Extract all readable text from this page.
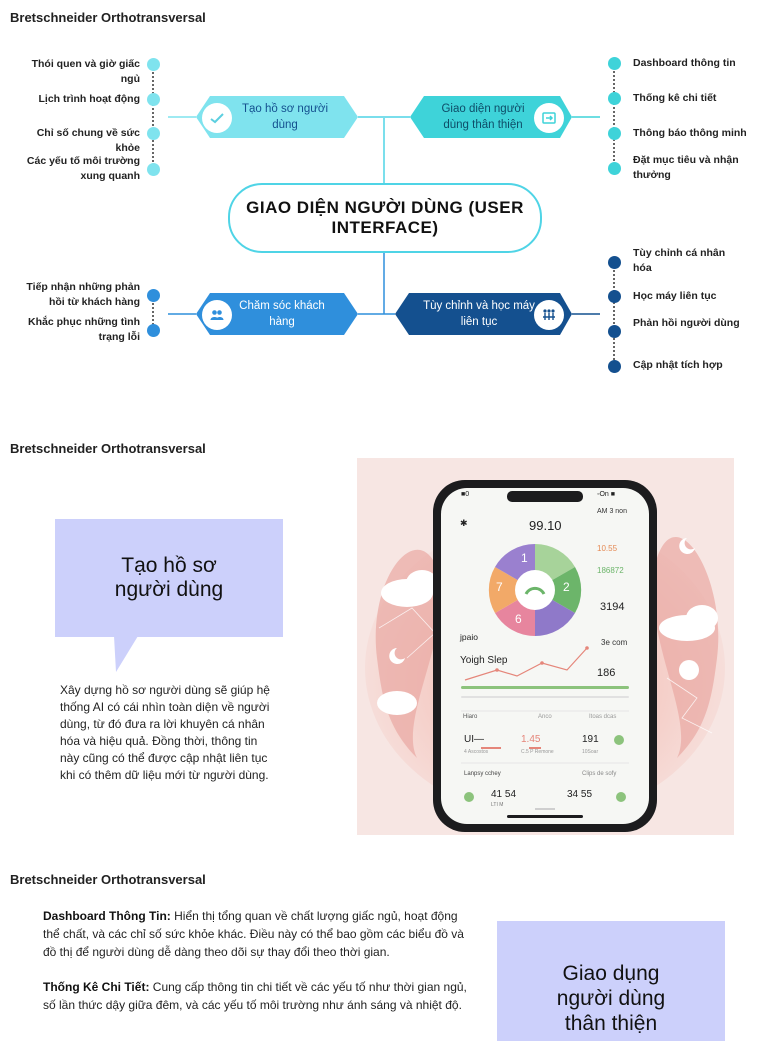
Bretschneider Orthotransversal
Thói quen và giờ giấc ngủ
Lịch trình hoạt động
Chỉ số chung về sức khỏe
Các yếu tố môi trường xung quanh
Dashboard thông tin
Thống kê chi tiết
Thông báo thông minh
Đặt mục tiêu và nhận thưởng
Tạo hồ sơ người dùng
Giao diện người dùng thân thiện
GIAO DIỆN NGƯỜI DÙNG (USER INTERFACE)
Tiếp nhận những phản hồi từ khách hàng
Khắc phục những tình trạng lỗi
Tùy chỉnh cá nhân hóa
Học máy liên tục
Phản hồi người dùng
Cập nhật tích hợp
Chăm sóc khách hàng
Tùy chỉnh và học máy liên tục
Bretschneider Orthotransversal
Tạo hồ sơ người dùng
Xây dựng hồ sơ người dùng sẽ giúp hệ thống AI có cái nhìn toàn diện về người dùng, từ đó đưa ra lời khuyên cá nhân hóa và hiệu quả. Đồng thời, thông tin này cũng có thể được cập nhật liên tục khi có thêm dữ liệu mới từ người dùng.
■0	◦On ■
AM 3 non
✱	99.10
10.55
186872
3194
1
2
6
7
jpaio
3e com
Yoigh Slep
186
Hiaro	Anco	Itoas dcas
UI—	1.45	191
4 Ascostos	C.5 P Remone	10Soar
Lanpsy cchey	Clips de sofy
41 54
LTI M
34 55
Bretschneider Orthotransversal
Dashboard Thông Tin: Hiển thị tổng quan về chất lượng giấc ngủ, hoạt động thể chất, và các chỉ số sức khỏe khác. Điều này có thể bao gồm các biểu đồ và đồ thị để người dùng dễ dàng theo dõi sự thay đổi theo thời gian.
Thống Kê Chi Tiết: Cung cấp thông tin chi tiết về các yếu tố như thời gian ngủ, số lần thức dậy giữa đêm, và các yếu tố môi trường như ánh sáng và nhiệt độ.
Giao dụng người dùng thân thiện
